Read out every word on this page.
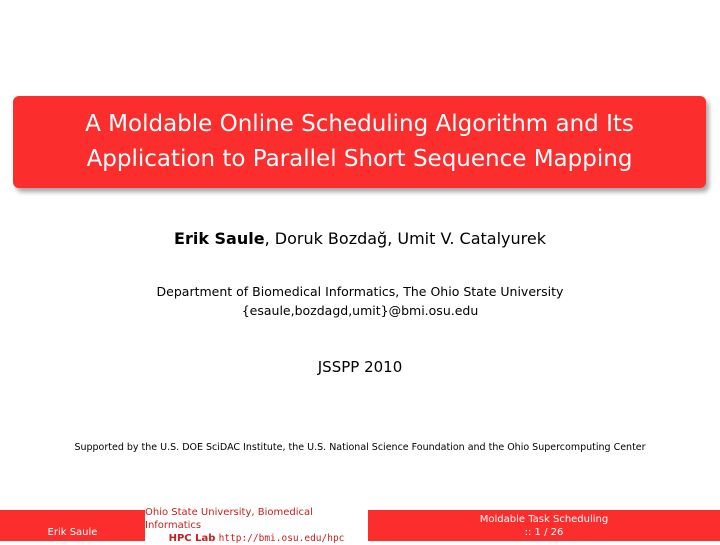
A Moldable Online Scheduling Algorithm and Its
Application to Parallel Short Sequence Mapping
Erik Saule, Doruk Bozdağ, Umit V. Catalyurek
Department of Biomedical Informatics, The Ohio State University
{esaule,bozdagd,umit}@bmi.osu.edu
JSSPP 2010
Supported by the U.S. DOE SciDAC Institute, the U.S. National Science Foundation and the Ohio Supercomputing Center
Erik Saule
Ohio State University, Biomedical Informatics
HPC Lab http://bmi.osu.edu/hpc
Moldable Task Scheduling
:: 1 / 26
